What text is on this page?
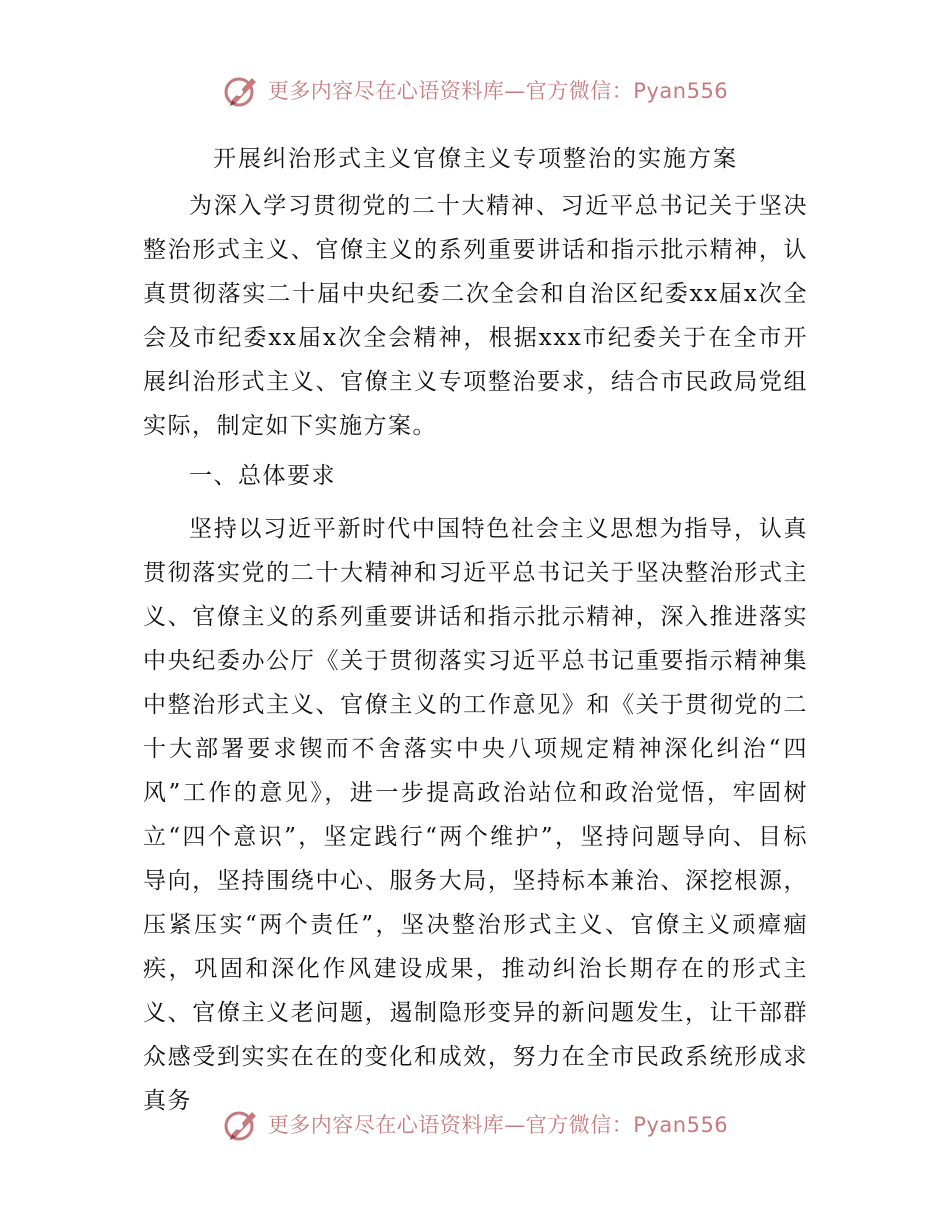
更多内容尽在心语资料库—官方微信：Pyan556
开展纠治形式主义官僚主义专项整治的实施方案

为深入学习贯彻党的二十大精神、习近平总书记关于坚决整治形式主义、官僚主义的系列重要讲话和指示批示精神，认真贯彻落实二十届中央纪委二次全会和自治区纪委xx届x次全会及市纪委xx届x次全会精神，根据xxx市纪委关于在全市开展纠治形式主义、官僚主义专项整治要求，结合市民政局党组实际，制定如下实施方案。

一、总体要求

坚持以习近平新时代中国特色社会主义思想为指导，认真贯彻落实党的二十大精神和习近平总书记关于坚决整治形式主义、官僚主义的系列重要讲话和指示批示精神，深入推进落实中央纪委办公厅《关于贯彻落实习近平总书记重要指示精神集中整治形式主义、官僚主义的工作意见》和《关于贯彻党的二十大部署要求锲而不舍落实中央八项规定精神深化纠治“四风”工作的意见》，进一步提高政治站位和政治觉悟，牢固树立“四个意识”，坚定践行“两个维护”，坚持问题导向、目标导向，坚持围绕中心、服务大局，坚持标本兼治、深挖根源，压紧压实“两个责任”，坚决整治形式主义、官僚主义顽瘴痼疾，巩固和深化作风建设成果，推动纠治长期存在的形式主义、官僚主义老问题，遏制隐形变异的新问题发生，让干部群众感受到实实在在的变化和成效，努力在全市民政系统形成求真务

更多内容尽在心语资料库—官方微信：Pyan556
